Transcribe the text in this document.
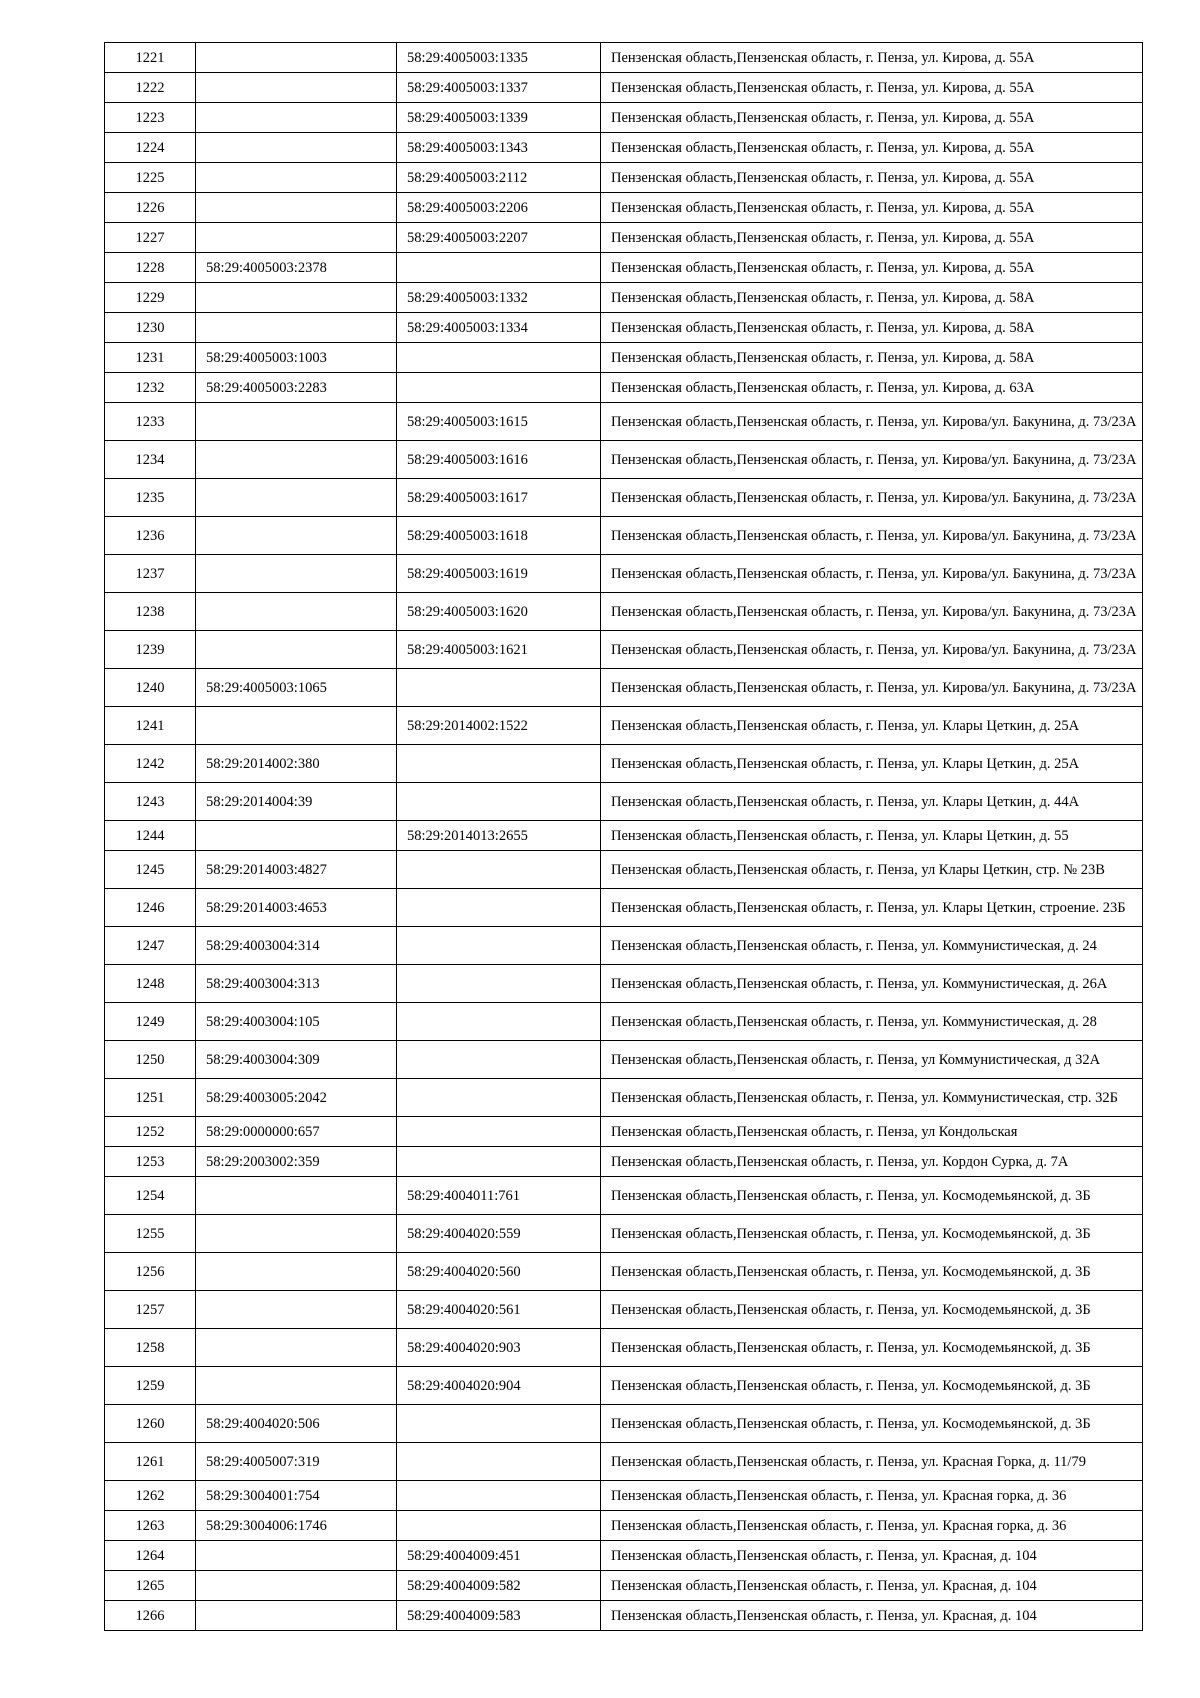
1221		58:29:4005003:1335	Пензенская область,Пензенская область, г. Пенза, ул. Кирова, д. 55А
1222		58:29:4005003:1337	Пензенская область,Пензенская область, г. Пенза, ул. Кирова, д. 55А
1223		58:29:4005003:1339	Пензенская область,Пензенская область, г. Пенза, ул. Кирова, д. 55А
1224		58:29:4005003:1343	Пензенская область,Пензенская область, г. Пенза, ул. Кирова, д. 55А
1225		58:29:4005003:2112	Пензенская область,Пензенская область, г. Пенза, ул. Кирова, д. 55А
1226		58:29:4005003:2206	Пензенская область,Пензенская область, г. Пенза, ул. Кирова, д. 55А
1227		58:29:4005003:2207	Пензенская область,Пензенская область, г. Пенза, ул. Кирова, д. 55А
1228	58:29:4005003:2378		Пензенская область,Пензенская область, г. Пенза, ул. Кирова, д. 55А
1229		58:29:4005003:1332	Пензенская область,Пензенская область, г. Пенза, ул. Кирова, д. 58А
1230		58:29:4005003:1334	Пензенская область,Пензенская область, г. Пенза, ул. Кирова, д. 58А
1231	58:29:4005003:1003		Пензенская область,Пензенская область, г. Пенза, ул. Кирова, д. 58А
1232	58:29:4005003:2283		Пензенская область,Пензенская область, г. Пенза, ул. Кирова, д. 63А
1233		58:29:4005003:1615	Пензенская область,Пензенская область, г. Пенза, ул. Кирова/ул. Бакунина, д. 73/23А
1234		58:29:4005003:1616	Пензенская область,Пензенская область, г. Пенза, ул. Кирова/ул. Бакунина, д. 73/23А
1235		58:29:4005003:1617	Пензенская область,Пензенская область, г. Пенза, ул. Кирова/ул. Бакунина, д. 73/23А
1236		58:29:4005003:1618	Пензенская область,Пензенская область, г. Пенза, ул. Кирова/ул. Бакунина, д. 73/23А
1237		58:29:4005003:1619	Пензенская область,Пензенская область, г. Пенза, ул. Кирова/ул. Бакунина, д. 73/23А
1238		58:29:4005003:1620	Пензенская область,Пензенская область, г. Пенза, ул. Кирова/ул. Бакунина, д. 73/23А
1239		58:29:4005003:1621	Пензенская область,Пензенская область, г. Пенза, ул. Кирова/ул. Бакунина, д. 73/23А
1240	58:29:4005003:1065		Пензенская область,Пензенская область, г. Пенза, ул. Кирова/ул. Бакунина, д. 73/23А
1241		58:29:2014002:1522	Пензенская область,Пензенская область, г. Пенза, ул. Клары Цеткин, д. 25А
1242	58:29:2014002:380		Пензенская область,Пензенская область, г. Пенза, ул. Клары Цеткин, д. 25А
1243	58:29:2014004:39		Пензенская область,Пензенская область, г. Пенза, ул. Клары Цеткин, д. 44А
1244		58:29:2014013:2655	Пензенская область,Пензенская область, г. Пенза, ул. Клары Цеткин, д. 55
1245	58:29:2014003:4827		Пензенская область,Пензенская область, г. Пенза, ул Клары Цеткин, стр. № 23В
1246	58:29:2014003:4653		Пензенская область,Пензенская область, г. Пенза, ул. Клары Цеткин, строение. 23Б
1247	58:29:4003004:314		Пензенская область,Пензенская область, г. Пенза, ул. Коммунистическая, д. 24
1248	58:29:4003004:313		Пензенская область,Пензенская область, г. Пенза, ул. Коммунистическая, д. 26А
1249	58:29:4003004:105		Пензенская область,Пензенская область, г. Пенза, ул. Коммунистическая, д. 28
1250	58:29:4003004:309		Пензенская область,Пензенская область, г. Пенза, ул Коммунистическая, д 32А
1251	58:29:4003005:2042		Пензенская область,Пензенская область, г. Пенза, ул. Коммунистическая, стр. 32Б
1252	58:29:0000000:657		Пензенская область,Пензенская область, г. Пенза, ул Кондольская
1253	58:29:2003002:359		Пензенская область,Пензенская область, г. Пенза, ул. Кордон Сурка, д. 7А
1254		58:29:4004011:761	Пензенская область,Пензенская область, г. Пенза, ул. Космодемьянской, д. 3Б
1255		58:29:4004020:559	Пензенская область,Пензенская область, г. Пенза, ул. Космодемьянской, д. 3Б
1256		58:29:4004020:560	Пензенская область,Пензенская область, г. Пенза, ул. Космодемьянской, д. 3Б
1257		58:29:4004020:561	Пензенская область,Пензенская область, г. Пенза, ул. Космодемьянской, д. 3Б
1258		58:29:4004020:903	Пензенская область,Пензенская область, г. Пенза, ул. Космодемьянской, д. 3Б
1259		58:29:4004020:904	Пензенская область,Пензенская область, г. Пенза, ул. Космодемьянской, д. 3Б
1260	58:29:4004020:506		Пензенская область,Пензенская область, г. Пенза, ул. Космодемьянской, д. 3Б
1261	58:29:4005007:319		Пензенская область,Пензенская область, г. Пенза, ул. Красная Горка, д. 11/79
1262	58:29:3004001:754		Пензенская область,Пензенская область, г. Пенза, ул. Красная горка, д. 36
1263	58:29:3004006:1746		Пензенская область,Пензенская область, г. Пенза, ул. Красная горка, д. 36
1264		58:29:4004009:451	Пензенская область,Пензенская область, г. Пенза, ул. Красная, д. 104
1265		58:29:4004009:582	Пензенская область,Пензенская область, г. Пенза, ул. Красная, д. 104
1266		58:29:4004009:583	Пензенская область,Пензенская область, г. Пенза, ул. Красная, д. 104
